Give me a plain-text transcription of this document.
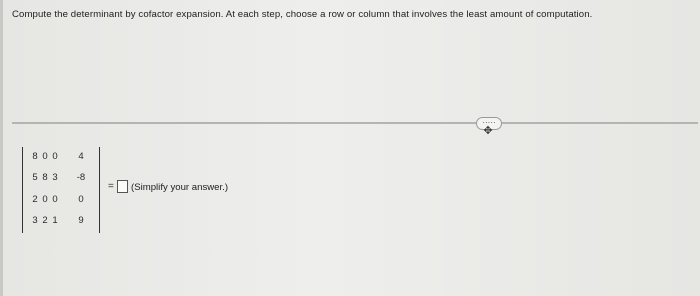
Compute the determinant by cofactor expansion. At each step, choose a row or column that involves the least amount of computation.
·····
✥
8 0 0	4
5 8 3	-8
2 0 0	0
3 2 1	9
= (Simplify your answer.)
